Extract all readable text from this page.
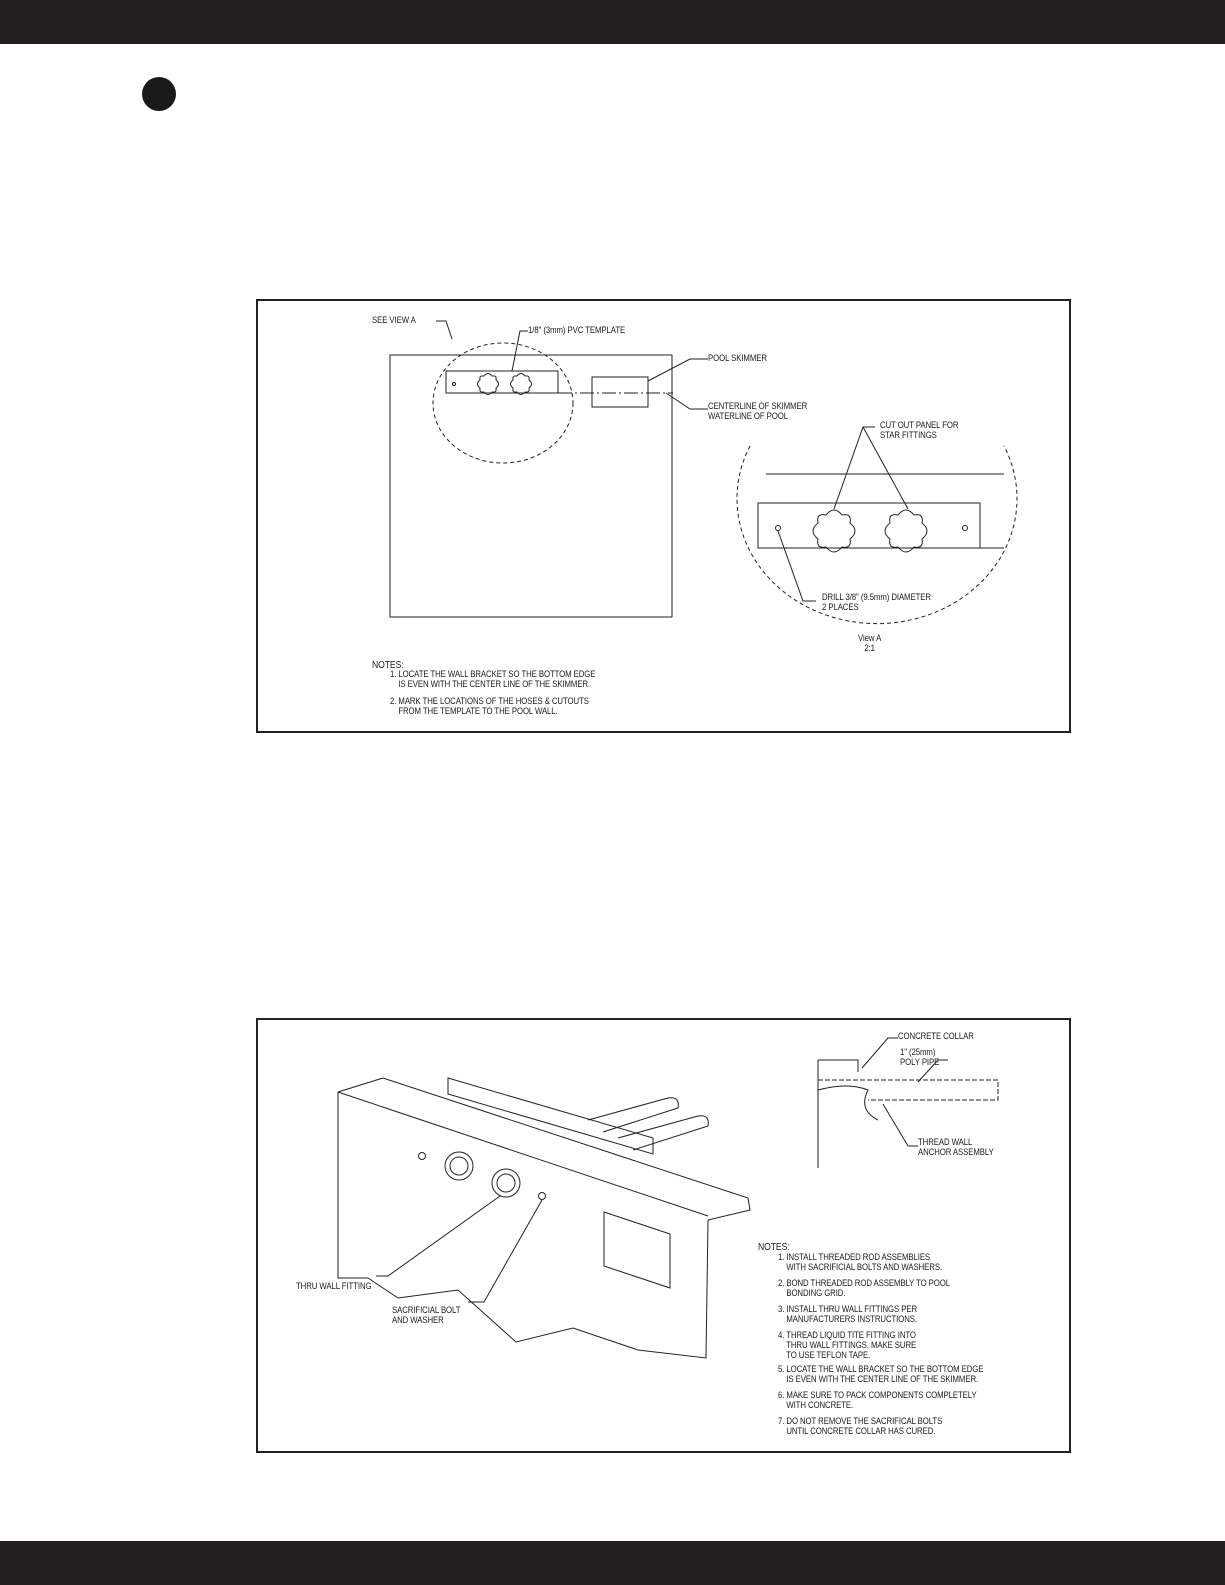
SEE VIEW A
1/8" (3mm) PVC TEMPLATE
POOL SKIMMER
CENTERLINE OF SKIMMER
WATERLINE OF POOL
CUT OUT PANEL FOR
STAR FITTINGS
DRILL 3/8" (9.5mm) DIAMETER
2 PLACES
View A
2:1
NOTES:
1. LOCATE THE WALL BRACKET SO THE BOTTOM EDGE
IS EVEN WITH THE CENTER LINE OF THE SKIMMER.
2. MARK THE LOCATIONS OF THE HOSES & CUTOUTS
FROM THE TEMPLATE TO THE POOL WALL.
CONCRETE COLLAR
1" (25mm)
POLY PIPE
THREAD WALL
ANCHOR ASSEMBLY
THRU WALL FITTING
SACRIFICIAL BOLT
AND WASHER
NOTES:
1. INSTALL THREADED ROD ASSEMBLIES
WITH SACRIFICIAL BOLTS AND WASHERS.
2. BOND THREADED ROD ASSEMBLY TO POOL
BONDING GRID.
3. INSTALL THRU WALL FITTINGS PER
MANUFACTURERS INSTRUCTIONS.
4. THREAD LIQUID TITE FITTING INTO
THRU WALL FITTINGS. MAKE SURE
TO USE TEFLON TAPE.
5. LOCATE THE WALL BRACKET SO THE BOTTOM EDGE
IS EVEN WITH THE CENTER LINE OF THE SKIMMER.
6. MAKE SURE TO PACK COMPONENTS COMPLETELY
WITH CONCRETE.
7. DO NOT REMOVE THE SACRIFICAL BOLTS
UNTIL CONCRETE COLLAR HAS CURED.
